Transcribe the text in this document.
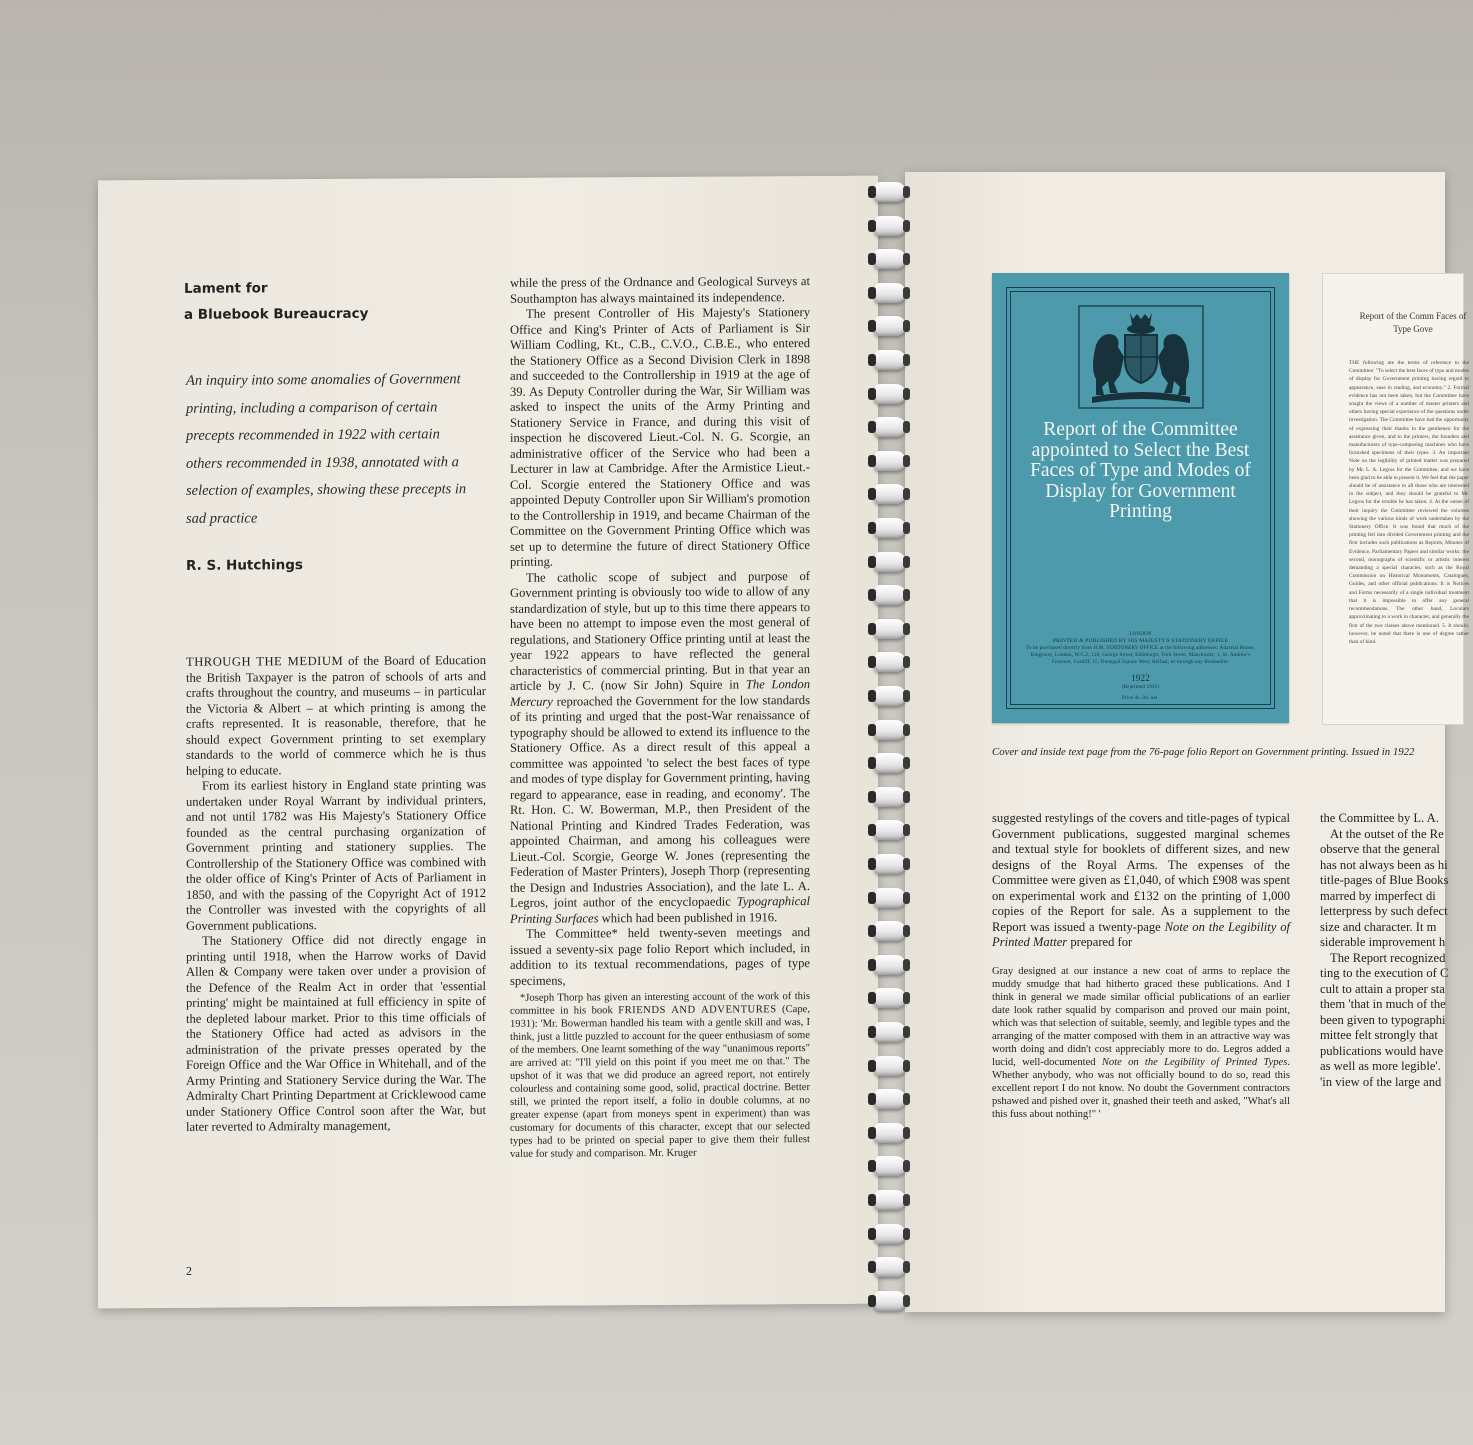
Lament for
a Bluebook Bureaucracy
An inquiry into some anomalies of Government printing, including a comparison of certain precepts recommended in 1922 with certain others recommended in 1938, annotated with a selection of examples, showing these precepts in sad practice
R. S. Hutchings

THROUGH THE MEDIUM of the Board of Education the British Taxpayer is the patron of schools of arts and crafts throughout the country, and museums – in particular the Victoria & Albert – at which printing is among the crafts represented. It is reasonable, therefore, that he should expect Government printing to set exemplary standards to the world of commerce which he is thus helping to educate.

From its earliest history in England state printing was undertaken under Royal Warrant by individual printers, and not until 1782 was His Majesty's Stationery Office founded as the central purchasing organization of Government printing and stationery supplies. The Controllership of the Stationery Office was combined with the older office of King's Printer of Acts of Parliament in 1850, and with the passing of the Copyright Act of 1912 the Controller was invested with the copyrights of all Government publications.

The Stationery Office did not directly engage in printing until 1918, when the Harrow works of David Allen & Company were taken over under a provision of the Defence of the Realm Act in order that 'essential printing' might be maintained at full efficiency in spite of the depleted labour market. Prior to this time officials of the Stationery Office had acted as advisors in the administration of the private presses operated by the Foreign Office and the War Office in Whitehall, and of the Army Printing and Stationery Service during the War. The Admiralty Chart Printing Department at Cricklewood came under Stationery Office Control soon after the War, but later reverted to Admiralty management,

2

while the press of the Ordnance and Geological Surveys at Southampton has always maintained its independence.

The present Controller of His Majesty's Stationery Office and King's Printer of Acts of Parliament is Sir William Codling, Kt., C.B., C.V.O., C.B.E., who entered the Stationery Office as a Second Division Clerk in 1898 and succeeded to the Controllership in 1919 at the age of 39. As Deputy Controller during the War, Sir William was asked to inspect the units of the Army Printing and Stationery Service in France, and during this visit of inspection he discovered Lieut.-Col. N. G. Scorgie, an administrative officer of the Service who had been a Lecturer in law at Cambridge. After the Armistice Lieut.-Col. Scorgie entered the Stationery Office and was appointed Deputy Controller upon Sir William's promotion to the Controllership in 1919, and became Chairman of the Committee on the Government Printing Office which was set up to determine the future of direct Stationery Office printing.

The catholic scope of subject and purpose of Government printing is obviously too wide to allow of any standardization of style, but up to this time there appears to have been no attempt to impose even the most general of regulations, and Stationery Office printing until at least the year 1922 appears to have reflected the general characteristics of commercial printing. But in that year an article by J. C. (now Sir John) Squire in The London Mercury reproached the Government for the low standards of its printing and urged that the post-War renaissance of typography should be allowed to extend its influence to the Stationery Office. As a direct result of this appeal a committee was appointed 'to select the best faces of type and modes of type display for Government printing, having regard to appearance, ease in reading, and economy'. The Rt. Hon. C. W. Bowerman, M.P., then President of the National Printing and Kindred Trades Federation, was appointed Chairman, and among his colleagues were Lieut.-Col. Scorgie, George W. Jones (representing the Federation of Master Printers), Joseph Thorp (representing the Design and Industries Association), and the late L. A. Legros, joint author of the encyclopaedic Typographical Printing Surfaces which had been published in 1916.

The Committee* held twenty-seven meetings and issued a seventy-six page folio Report which included, in addition to its textual recommendations, pages of type specimens,

*Joseph Thorp has given an interesting account of the work of this committee in his book FRIENDS AND ADVENTURES (Cape, 1931): 'Mr. Bowerman handled his team with a gentle skill and was, I think, just a little puzzled to account for the queer enthusiasm of some of the members. One learnt something of the way "unanimous reports" are arrived at: "I'll yield on this point if you meet me on that." The upshot of it was that we did produce an agreed report, not entirely colourless and containing some good, solid, practical doctrine. Better still, we printed the report itself, a folio in double columns, at no greater expense (apart from moneys spent in experiment) than was customary for documents of this character, except that our selected types had to be printed on special paper to give them their fullest value for study and comparison. Mr. Kruger

Report of the Committee appointed to Select the Best Faces of Type and Modes of Display for Government Printing
LONDON
PRINTED & PUBLISHED BY HIS MAJESTY'S STATIONERY OFFICE
To be purchased directly from H.M. STATIONERY OFFICE at the following addresses: Adastral House, Kingsway, London, W.C.2; 120, George Street, Edinburgh; York Street, Manchester; 1, St. Andrew's Crescent, Cardiff; 15, Donegall Square West, Belfast; or through any Bookseller.
1922
(Reprinted 1931)
Price 4s. 0d. net.
Report of the Comm Faces of Type Gove
THE following are the terms of reference to the Committee: "To select the best faces of type and modes of display for Government printing having regard to appearance, ease in reading, and economy." 2. Formal evidence has not been taken, but the Committee have sought the views of a number of master printers and others having special experience of the questions under investigation. The Committee have had the opportunity of expressing their thanks to the gentlemen for the assistance given, and to the printers, the founders and manufacturers of type-composing machines who have furnished specimens of their types. 3. An important Note on the legibility of printed matter was prepared by Mr. L. A. Legros for the Committee, and we have been glad to be able to present it. We feel that the paper should be of assistance to all those who are interested in the subject, and they should be grateful to Mr. Legros for the trouble he has taken. 4. At the outset of their inquiry the Committee reviewed the volumes showing the various kinds of work undertaken by the Stationery Office. It was found that much of the printing fell into divided Government printing and the first includes such publications as Reports, Minutes of Evidence, Parliamentary Papers and similar works; the second, monographs of scientific or artistic interest demanding a special character, such as the Royal Commission on Historical Monuments, Catalogues, Guides, and other official publications. It is Notices and Forms necessarily of a single individual treatment that it is impossible to offer any general recommendations. The other band, Loculars approximating to a work in character, and generally the first of the two classes above mentioned. 5. It should, however, be noted that there is one of degree rather than of kind.
Cover and inside text page from the 76-page folio Report on Government printing. Issued in 1922

suggested restylings of the covers and title-pages of typical Government publications, suggested marginal schemes and textual style for booklets of different sizes, and new designs of the Royal Arms. The expenses of the Committee were given as £1,040, of which £908 was spent on experimental work and £132 on the printing of 1,000 copies of the Report for sale. As a supplement to the Report was issued a twenty-page Note on the Legibility of Printed Matter prepared for

Gray designed at our instance a new coat of arms to replace the muddy smudge that had hitherto graced these publications. And I think in general we made similar official publications of an earlier date look rather squalid by comparison and proved our main point, which was that selection of suitable, seemly, and legible types and the arranging of the matter composed with them in an attractive way was worth doing and didn't cost appreciably more to do. Legros added a lucid, well-documented Note on the Legibility of Printed Types. Whether anybody, who was not officially bound to do so, read this excellent report I do not know. No doubt the Government contractors pshawed and pished over it, gnashed their teeth and asked, "What's all this fuss about nothing!" '

the Committee by L. A.
At the outset of the Re
observe that the general
has not always been as hi
title-pages of Blue Books
marred by imperfect di
letterpress by such defect
size and character. It m
siderable improvement h
The Report recognized
ting to the execution of C
cult to attain a proper sta
them 'that in much of the
been given to typographi
mittee felt strongly that
publications would have
as well as more legible'.
'in view of the large and
